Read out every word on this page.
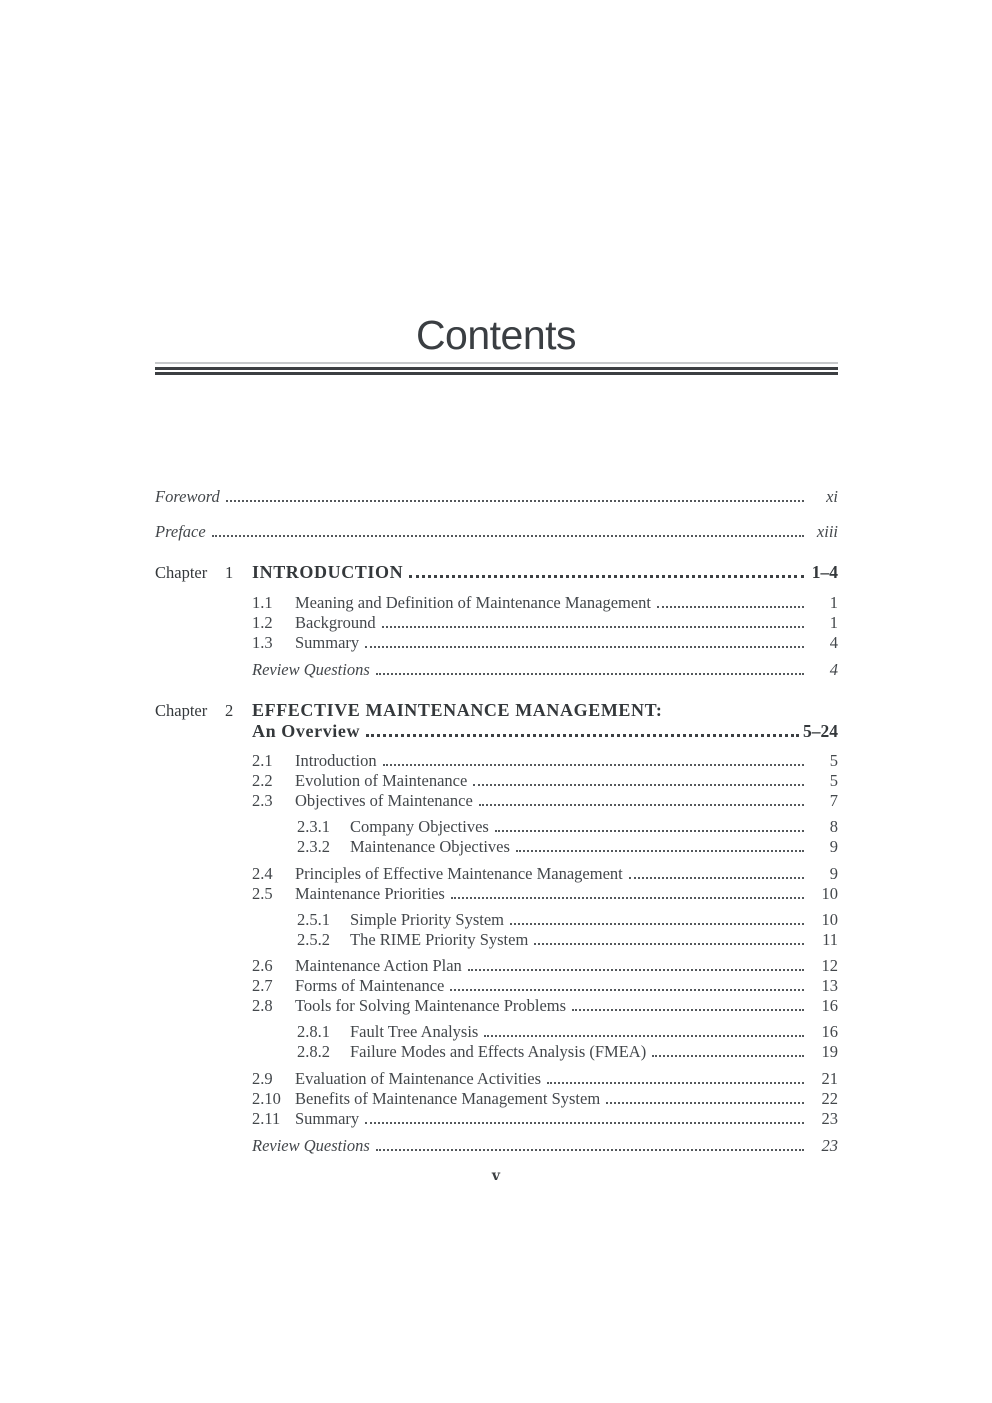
Contents
Foreword	xi
Preface	xiii
Chapter	1	INTRODUCTION	1–4
1.1	Meaning and Definition of Maintenance Management	1
1.2	Background	1
1.3	Summary	4
Review Questions	4
Chapter	2	EFFECTIVE MAINTENANCE MANAGEMENT:
An Overview	5–24
2.1	Introduction	5
2.2	Evolution of Maintenance	5
2.3	Objectives of Maintenance	7
2.3.1	Company Objectives	8
2.3.2	Maintenance Objectives	9
2.4	Principles of Effective Maintenance Management	9
2.5	Maintenance Priorities	10
2.5.1	Simple Priority System	10
2.5.2	The RIME Priority System	11
2.6	Maintenance Action Plan	12
2.7	Forms of Maintenance	13
2.8	Tools for Solving Maintenance Problems	16
2.8.1	Fault Tree Analysis	16
2.8.2	Failure Modes and Effects Analysis (FMEA)	19
2.9	Evaluation of Maintenance Activities	21
2.10 Benefits of Maintenance Management System	22
2.11 Summary	23
Review Questions	23
v
